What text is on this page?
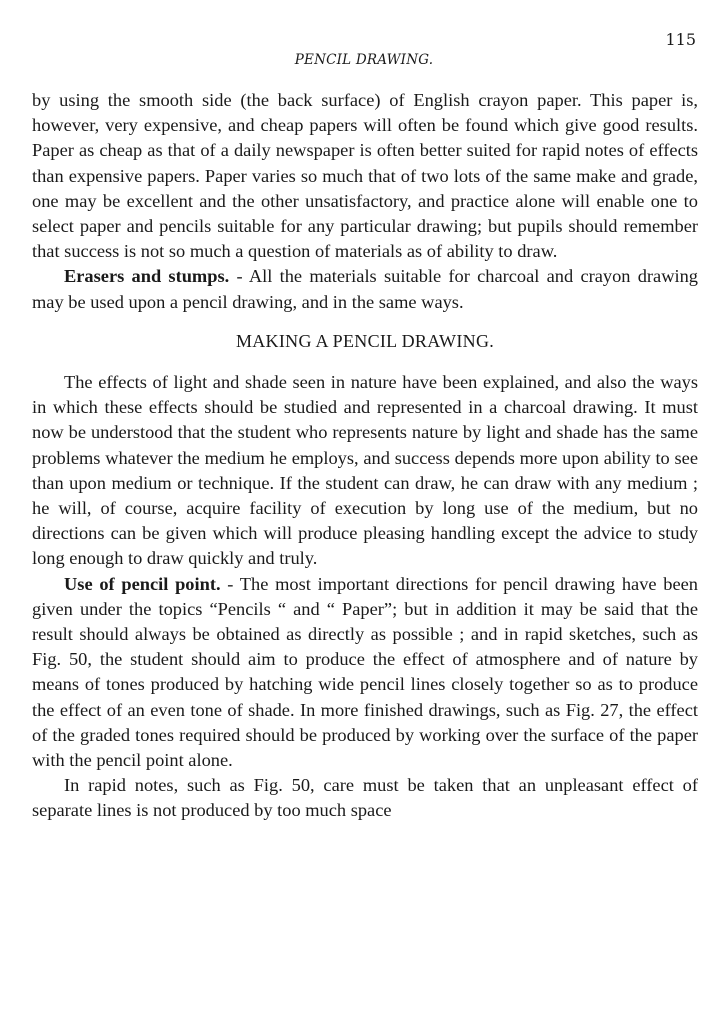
115
PENCIL DRAWING.

by using the smooth side (the back surface) of English crayon paper. This paper is, however, very expensive, and cheap papers will often be found which give good results. Paper as cheap as that of a daily newspaper is often better suited for rapid notes of effects than expensive papers. Paper varies so much that of two lots of the same make and grade, one may be excellent and the other unsatisfactory, and practice alone will enable one to select paper and pencils suitable for any particular drawing; but pupils should remember that success is not so much a question of materials as of ability to draw.

Erasers and stumps. - All the materials suitable for charcoal and crayon drawing may be used upon a pencil drawing, and in the same ways.

MAKING A PENCIL DRAWING.

The effects of light and shade seen in nature have been explained, and also the ways in which these effects should be studied and represented in a charcoal drawing. It must now be understood that the student who represents nature by light and shade has the same problems whatever the medium he employs, and success depends more upon ability to see than upon medium or technique. If the student can draw, he can draw with any medium ; he will, of course, acquire facility of execution by long use of the medium, but no directions can be given which will produce pleasing handling except the advice to study long enough to draw quickly and truly.

Use of pencil point. - The most important directions for pencil drawing have been given under the topics “Pencils “ and “ Paper”; but in addition it may be said that the result should always be obtained as directly as possible ; and in rapid sketches, such as Fig. 50, the student should aim to produce the effect of atmosphere and of nature by means of tones produced by hatching wide pencil lines closely together so as to produce the effect of an even tone of shade. In more finished drawings, such as Fig. 27, the effect of the graded tones required should be produced by working over the surface of the paper with the pencil point alone.

In rapid notes, such as Fig. 50, care must be taken that an unpleasant effect of separate lines is not produced by too much space
